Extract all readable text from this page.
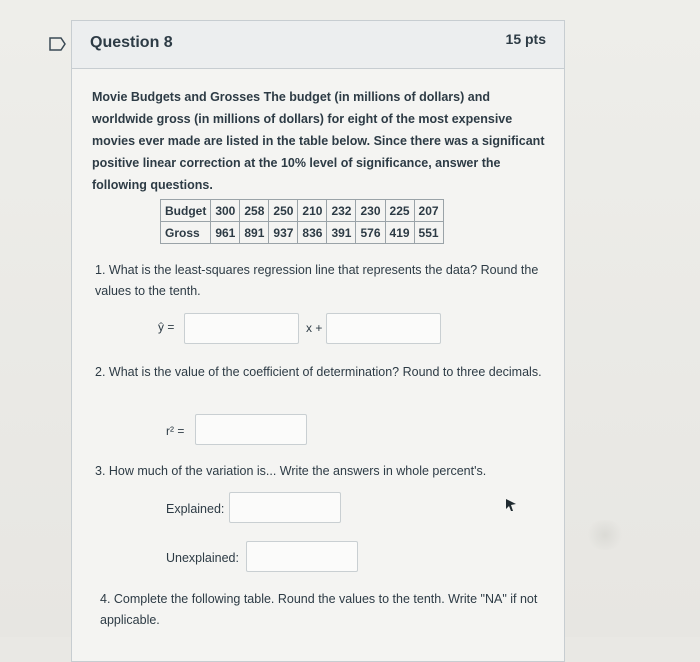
Question 8	15 pts
Movie Budgets and Grosses The budget (in millions of dollars) and worldwide gross (in millions of dollars) for eight of the most expensive movies ever made are listed in the table below. Since there was a significant positive linear correction at the 10% level of significance, answer the following questions.
Budget	300	258	250	210	232	230	225	207
Gross	961	891	937	836	391	576	419	551
1. What is the least-squares regression line that represents the data? Round the values to the tenth.
ŷ =	x +
2. What is the value of the coefficient of determination? Round to three decimals.
r² =
3. How much of the variation is... Write the answers in whole percent's.
Explained:
Unexplained:
4. Complete the following table. Round the values to the tenth. Write "NA" if not applicable.
